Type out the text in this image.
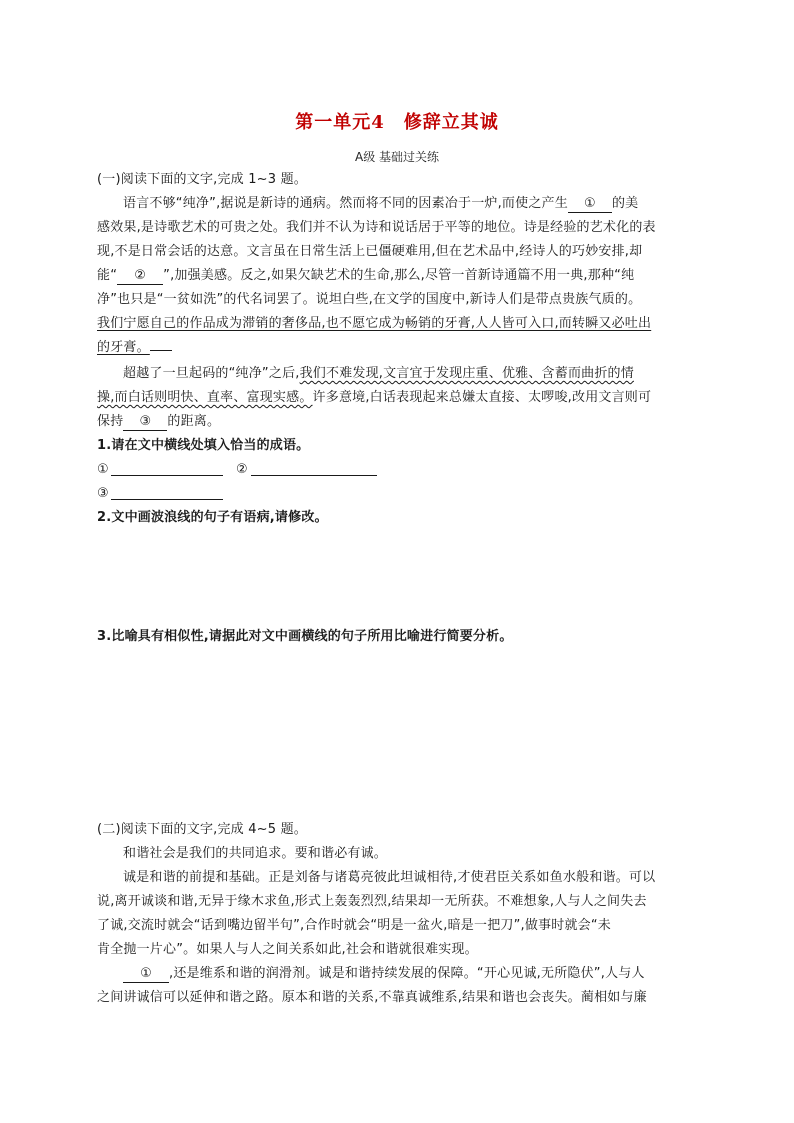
第一单元4　修辞立其诚
A级 基础过关练
(一)阅读下面的文字,完成 1~3 题。
语言不够“纯净”,据说是新诗的通病。然而将不同的因素冶于一炉,而使之产生 ① 的美
感效果,是诗歌艺术的可贵之处。我们并不认为诗和说话居于平等的地位。诗是经验的艺术化的表
现,不是日常会话的达意。文言虽在日常生活上已僵硬难用,但在艺术品中,经诗人的巧妙安排,却
能“ ② ”,加强美感。反之,如果欠缺艺术的生命,那么,尽管一首新诗通篇不用一典,那种“纯
净”也只是“一贫如洗”的代名词罢了。说坦白些,在文学的国度中,新诗人们是带点贵族气质的。
我们宁愿自己的作品成为滞销的奢侈品,也不愿它成为畅销的牙膏,人人皆可入口,而转瞬又必吐出
的牙膏。
超越了一旦起码的“纯净”之后,我们不难发现,文言宜于发现庄重、优雅、含蓄而曲折的情
操,而白话则明快、直率、富现实感。许多意境,白话表现起来总嫌太直接、太啰唆,改用文言则可
保持 ③ 的距离。
1.请在文中横线处填入恰当的成语。
①	②
③
2.文中画波浪线的句子有语病,请修改。
3.比喻具有相似性,请据此对文中画横线的句子所用比喻进行简要分析。
(二)阅读下面的文字,完成 4~5 题。
和谐社会是我们的共同追求。要和谐必有诚。
诚是和谐的前提和基础。正是刘备与诸葛亮彼此坦诚相待,才使君臣关系如鱼水般和谐。可以
说,离开诚谈和谐,无异于缘木求鱼,形式上轰轰烈烈,结果却一无所获。不难想象,人与人之间失去
了诚,交流时就会“话到嘴边留半句”,合作时就会“明是一盆火,暗是一把刀”,做事时就会“未
肯全抛一片心”。如果人与人之间关系如此,社会和谐就很难实现。
① ,还是维系和谐的润滑剂。诚是和谐持续发展的保障。“开心见诚,无所隐伏”,人与人
之间讲诚信可以延伸和谐之路。原本和谐的关系,不靠真诚维系,结果和谐也会丧失。蔺相如与廉
